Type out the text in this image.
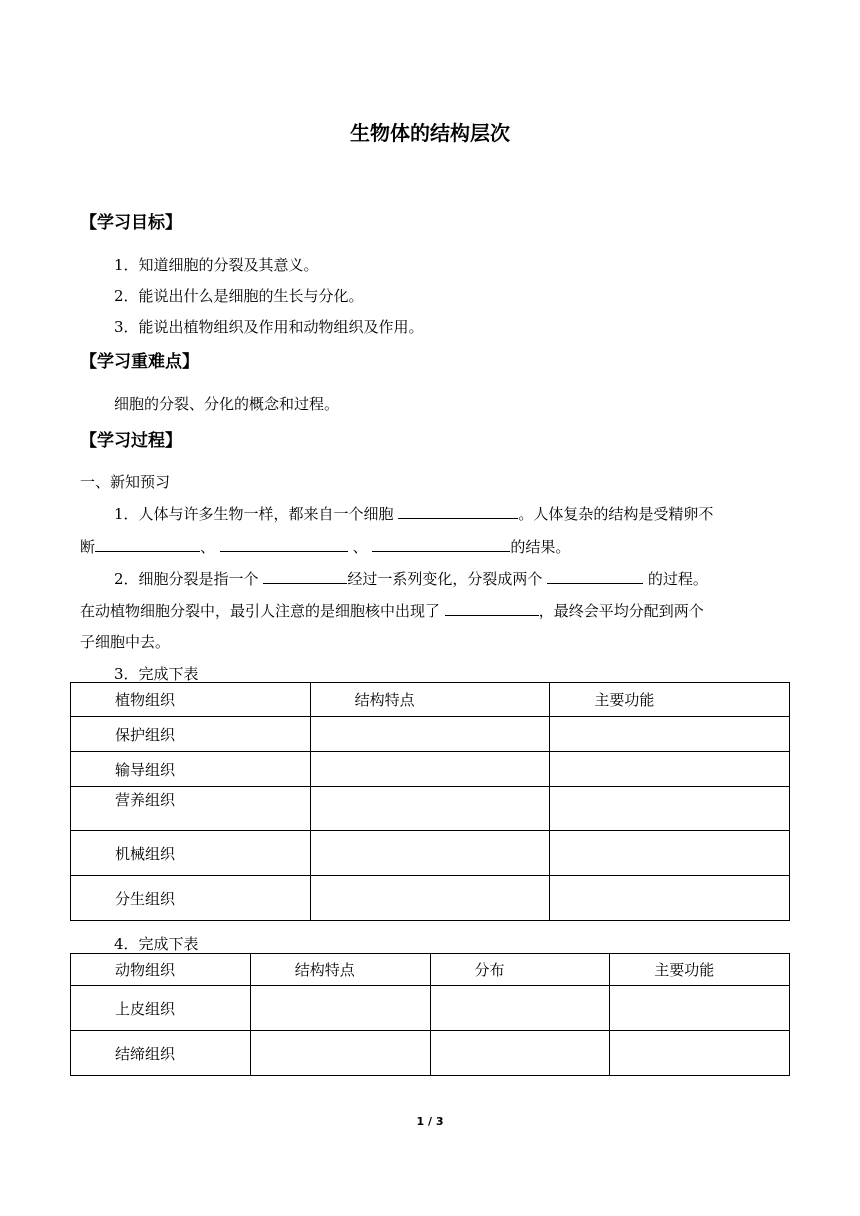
生物体的结构层次
【学习目标】
1．知道细胞的分裂及其意义。
2．能说出什么是细胞的生长与分化。
3．能说出植物组织及作用和动物组织及作用。
【学习重难点】
细胞的分裂、分化的概念和过程。
【学习过程】
一、新知预习
1．人体与许多生物一样，都来自一个细胞	。人体复杂的结构是受精卵不
断	、	、	的结果。
2．细胞分裂是指一个	经过一系列变化，分裂成两个	的过程。
在动植物细胞分裂中，最引人注意的是细胞核中出现了	，最终会平均分配到两个
子细胞中去。
3．完成下表
植物组织	结构特点	主要功能

保护组织		

输导组织		

营养组织		

机械组织		

分生组织		

4．完成下表
动物组织	结构特点	分布	主要功能

上皮组织			

结缔组织			

1 / 3
